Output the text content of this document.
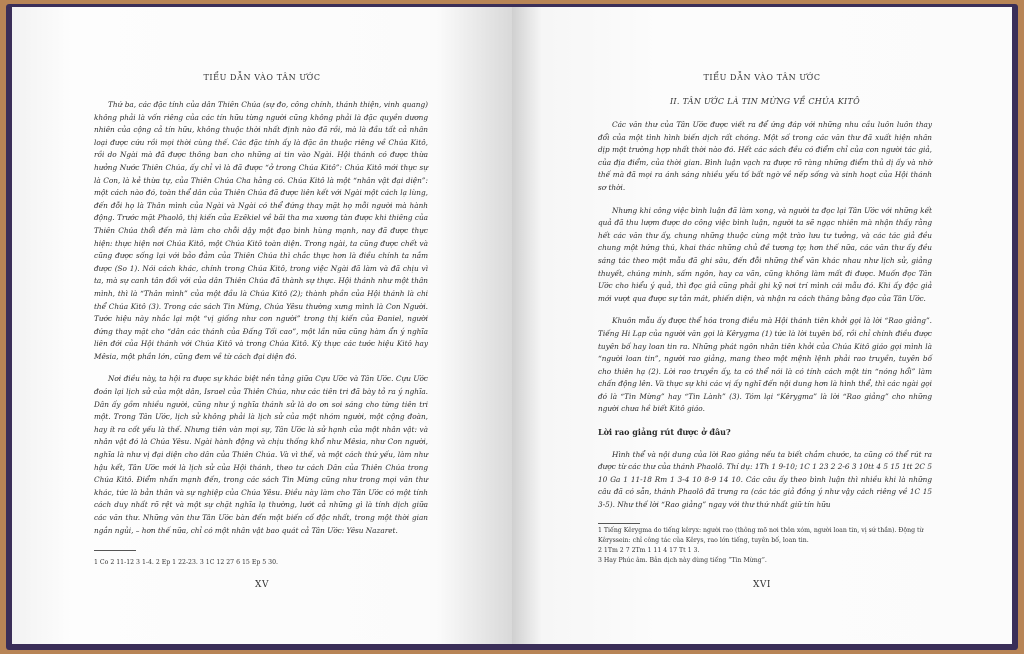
TIỂU DẪN VÀO TÂN ƯỚC

Thứ ba, các đặc tính của dân Thiên Chúa (sự đo, công chính, thánh thiện, vinh quang) không phải là vốn riêng của các tín hữu từng người cũng không phải là đặc quyền dương nhiên của cộng cả tín hữu, không thuộc thời nhất định nào đã rồi, mà là đầu tất cả nhân loại được cứu rồi mọi thời cùng thế. Các đặc tính ấy là đặc ân thuộc riêng về Chúa Kitô, rồi do Ngài mà đã được thông ban cho những ai tin vào Ngài. Hội thánh có được thừa hưởng Nước Thiên Chúa, ấy chỉ vì là đã được “ở trong Chúa Kitô”: Chúa Kitô mới thực sự là Con, là kẻ thừa tự, của Thiên Chúa Cha hằng có. Chúa Kitô là một “nhân vật đại diện”: một cách nào đó, toàn thể dân của Thiên Chúa đã được liên kết với Ngài một cách lạ lùng, đến đỗi họ là Thân mình của Ngài và Ngài có thể đứng thay mặt họ mỗi người mà hành động. Trước mặt Phaolô, thị kiến của Ezêkiel về bãi tha ma xương tàn được khi thiêng của Thiên Chúa thổi đến mà làm cho chỗi dậy một đạo binh hùng mạnh, nay đã được thực hiện: thực hiện nơi Chúa Kitô, một Chúa Kitô toàn diện. Trong ngài, ta cũng được chết và cũng được sống lại với bảo đảm của Thiên Chúa thì chắc thực hơn là điều chính ta nắm được (So 1). Nói cách khác, chính trong Chúa Kitô, trong việc Ngài đã làm và đã chịu vì ta, mà sự canh tân đối với của dân Thiên Chúa đã thành sự thực. Hội thánh như một thân mình, thì là “Thân mình” của một đầu là Chúa Kitô (2); thành phần của Hội thánh là chi thể Chúa Kitô (3). Trong các sách Tin Mừng, Chúa Yêsu thường xưng mình là Con Người. Tước hiệu này nhắc lại một “vị giống như con người” trong thị kiến của Đaniel, người đứng thay mặt cho “dân các thánh của Đấng Tối cao”, một lần nữa cũng hàm ẩn ý nghĩa liên đới của Hội thánh với Chúa Kitô và trong Chúa Kitô. Kỳ thực các tước hiệu Kitô hay Mêsia, một phần lớn, cũng đem về từ cách đại diện đó.

Nơi điều này, ta hội ra được sự khác biệt nền tảng giữa Cựu Ước và Tân Ước. Cựu Ước đoán lại lịch sử của một dân, Israel của Thiên Chúa, như các tiên tri đã bày tỏ ra ý nghĩa. Dân ấy gồm nhiều người, cũng như ý nghĩa thánh sử là do ơn soi sáng cho từng tiên tri một. Trong Tân Ước, lịch sử không phải là lịch sử của một nhóm người, một cộng đoàn, hay ít ra cốt yếu là thế. Nhưng tiên vàn mọi sự, Tân Ước là sử hạnh của một nhân vật: và nhân vật đó là Chúa Yêsu. Ngài hành động và chịu thống khổ như Mêsia, như Con người, nghĩa là như vị đại diện cho dân của Thiên Chúa. Và vì thế, và một cách thứ yếu, làm như hậu kết, Tân Ước mới là lịch sử của Hội thánh, theo tư cách Dân của Thiên Chúa trong Chúa Kitô. Điểm nhấn mạnh đến, trong các sách Tin Mừng cũng như trong mọi văn thư khác, tức là bản thân và sự nghiệp của Chúa Yêsu. Điều này làm cho Tân Ước có một tính cách duy nhất rõ rệt và một sự chặt nghĩa lạ thường, lướt cả những gì là tính dịch giữa các văn thư. Những văn thư Tân Ước bàn đến một biến cố độc nhất, trong một thời gian ngắn ngủi, – hơn thế nữa, chỉ có một nhân vật bao quát cả Tân Ước: Yêsu Nazaret.

1 Co 2 11-12 3 1-4. 2 Ep 1 22-23. 3 1C 12 27 6 15 Ep 5 30.
XV
TIỂU DẪN VÀO TÂN ƯỚC
II. TÂN ƯỚC LÀ TIN MỪNG VỀ CHÚA KITÔ

Các văn thư của Tân Ước được viết ra để ứng đáp với những nhu cầu luôn luôn thay đổi của một tình hình biến dịch rất chóng. Một số trong các văn thư đã xuất hiện nhân dịp một trường hợp nhất thời nào đó. Hết các sách đều có điểm chỉ của con người tác giả, của địa điểm, của thời gian. Bình luận vạch ra được rõ ràng những điểm thủ dị ấy và nhờ thế mà đã mọi ra ánh sáng nhiều yếu tố bất ngờ về nếp sống và sinh hoạt của Hội thánh sơ thời.

Nhưng khi công việc bình luận đã làm xong, và người ta đọc lại Tân Ước với những kết quả đã thu lượm được do công việc bình luận, người ta sẽ ngạc nhiên mà nhận thấy rằng hết các văn thư ấy, chung những thuộc cùng một trào lưu tư tưởng, và các tác giả đều chung một hứng thú, khai thác những chủ đề tương tợ; hơn thế nữa, các văn thư ấy đều sáng tác theo một mẫu đã ghi sâu, đến đỗi những thể văn khác nhau như lịch sử, giảng thuyết, chúng minh, sấm ngôn, hay ca vãn, cũng không làm mất đi được. Muốn đọc Tân Ước cho hiểu ý quả, thì đọc giả cũng phải ghi kỹ nơi trí mình cái mẫu đó. Khi ấy độc giả mới vượt qua được sự tản mát, phiến diện, và nhận ra cách thăng bằng đạo của Tân Ước.

Khuôn mẫu ấy được thể hóa trong điều mà Hội thánh tiên khởi gọi là lời “Rao giảng”. Tiếng Hi Lạp của người văn gọi là Kêrygma (1) tức là lời tuyên bố, rồi chỉ chính điều được tuyên bố hay loan tin ra. Những phát ngôn nhân tiên khởi của Chúa Kitô giáo gọi mình là “người loan tin”, người rao giảng, mang theo một mệnh lệnh phải rao truyền, tuyên bố cho thiên hạ (2). Lời rao truyền ấy, ta có thể nói là có tính cách một tin “nóng hổi” làm chấn động lên. Và thực sự khi các vị ấy nghĩ đến nội dung hơn là hình thể, thì các ngài gọi đó là “Tin Mừng” hay “Tin Lành” (3). Tóm lại “Kêrygma” là lời “Rao giảng” cho những người chưa hề biết Kitô giáo.

Lời rao giảng rút được ở đâu?

Hình thể và nội dung của lời Rao giảng nếu ta biết chắm chước, ta cũng có thể rút ra được từ các thư của thánh Phaolô. Thí dụ: 1Th 1 9-10; 1C 1 23 2 2-6 3 10tt 4 5 15 1tt 2C 5 10 Ga 1 11-18 Rm 1 3-4 10 8-9 14 10. Các câu ấy theo bình luận thì nhiều khi là những câu đã có sẵn, thánh Phaolô đã trưng ra (các tác giả đồng ý như vậy cách riêng về 1C 15 3-5). Như thế lời “Rao giảng” ngay với thư thứ nhất giữ tín hữu

1 Tiếng Kêrygma do tiếng kêryx: người rao (thông mõ nơi thôn xóm, người loan tin, vị sứ thần). Động từ Kêryssein: chỉ công tác của Kêrys, rao lớn tiếng, tuyên bố, loan tin.
2 1Tm 2 7 2Tm 1 11 4 17 Tt 1 3.
3 Hay Phúc âm. Bản dịch này dùng tiếng “Tin Mừng”.
XVI
